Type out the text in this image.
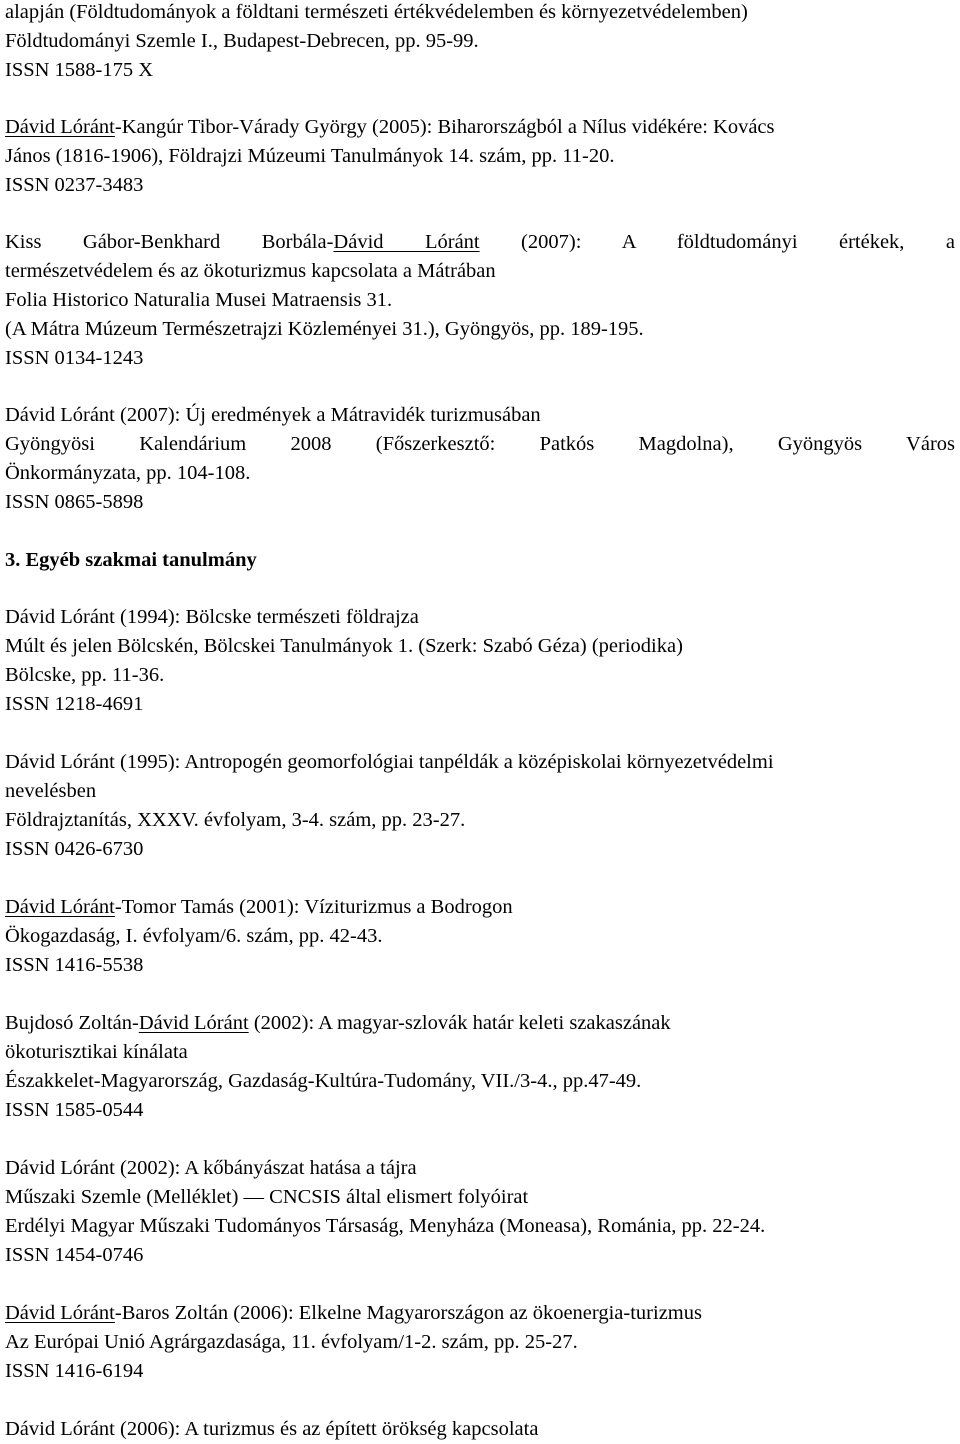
alapján (Földtudományok a földtani természeti értékvédelemben és környezetvédelemben)
Földtudományi Szemle I., Budapest-Debrecen, pp. 95-99.
ISSN 1588-175 X
Dávid Lóránt-Kangúr Tibor-Várady György (2005): Biharországból a Nílus vidékére: Kovács
János (1816-1906), Földrajzi Múzeumi Tanulmányok 14. szám, pp. 11-20.
ISSN 0237-3483
Kiss Gábor-Benkhard Borbála-Dávid Lóránt (2007): A földtudományi értékek, a
természetvédelem és az ökoturizmus kapcsolata a Mátrában
Folia Historico Naturalia Musei Matraensis 31.
(A Mátra Múzeum Természetrajzi Közleményei 31.), Gyöngyös, pp. 189-195.
ISSN 0134-1243
Dávid Lóránt (2007): Új eredmények a Mátravidék turizmusában
Gyöngyösi Kalendárium 2008 (Főszerkesztő: Patkós Magdolna), Gyöngyös Város
Önkormányzata, pp. 104-108.
ISSN 0865-5898
3. Egyéb szakmai tanulmány
Dávid Lóránt (1994): Bölcske természeti földrajza
Múlt és jelen Bölcskén, Bölcskei Tanulmányok 1. (Szerk: Szabó Géza) (periodika)
Bölcske, pp. 11-36.
ISSN 1218-4691
Dávid Lóránt (1995): Antropogén geomorfológiai tanpéldák a középiskolai környezetvédelmi
nevelésben
Földrajztanítás, XXXV. évfolyam, 3-4. szám, pp. 23-27.
ISSN 0426-6730
Dávid Lóránt-Tomor Tamás (2001): Víziturizmus a Bodrogon
Ökogazdaság, I. évfolyam/6. szám, pp. 42-43.
ISSN 1416-5538
Bujdosó Zoltán-Dávid Lóránt (2002): A magyar-szlovák határ keleti szakaszának
ökoturisztikai kínálata
Északkelet-Magyarország, Gazdaság-Kultúra-Tudomány, VII./3-4., pp.47-49.
ISSN 1585-0544
Dávid Lóránt (2002): A kőbányászat hatása a tájra
Műszaki Szemle (Melléklet) — CNCSIS által elismert folyóirat
Erdélyi Magyar Műszaki Tudományos Társaság, Menyháza (Moneasa), Románia, pp. 22-24.
ISSN 1454-0746
Dávid Lóránt-Baros Zoltán (2006): Elkelne Magyarországon az ökoenergia-turizmus
Az Európai Unió Agrárgazdasága, 11. évfolyam/1-2. szám, pp. 25-27.
ISSN 1416-6194
Dávid Lóránt (2006): A turizmus és az épített örökség kapcsolata
